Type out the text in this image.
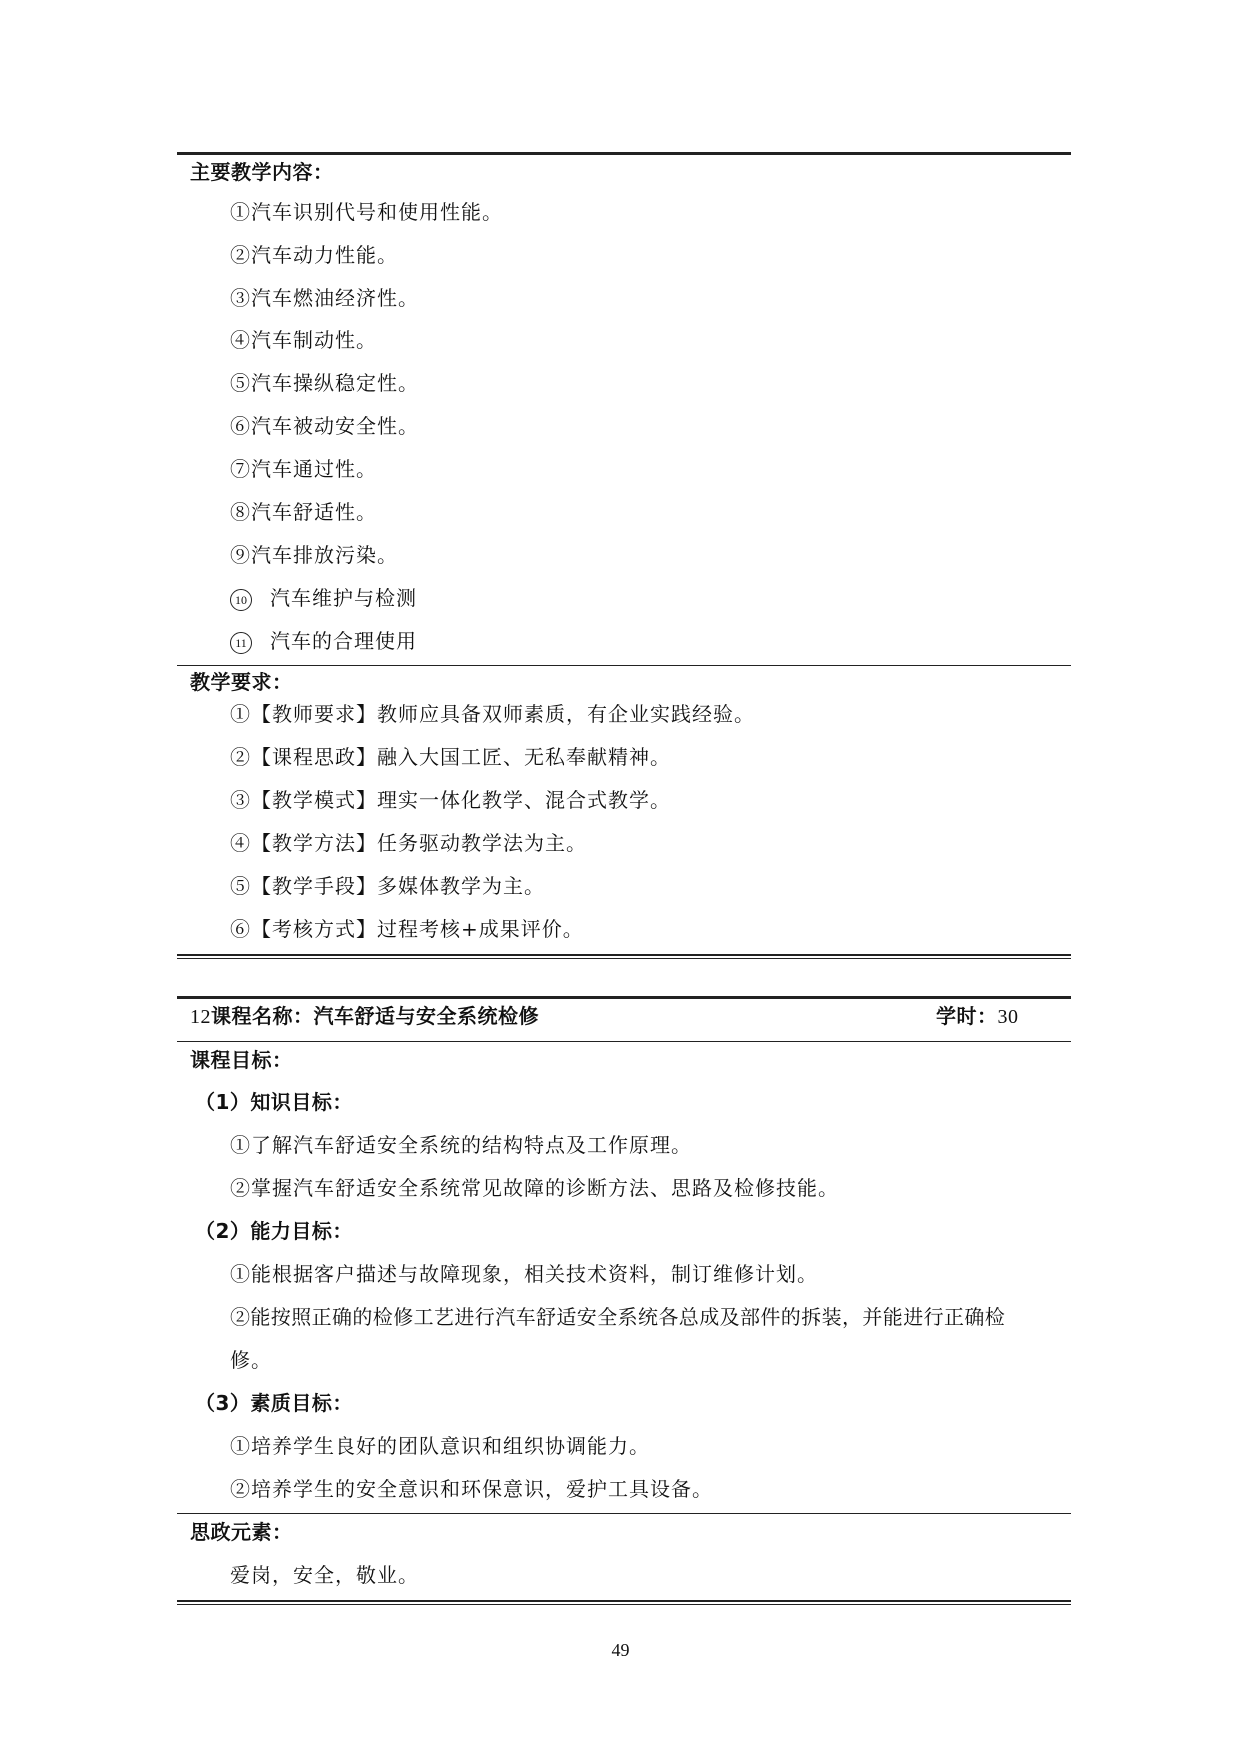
主要教学内容：
①汽车识别代号和使用性能。
②汽车动力性能。
③汽车燃油经济性。
④汽车制动性。
⑤汽车操纵稳定性。
⑥汽车被动安全性。
⑦汽车通过性。
⑧汽车舒适性。
⑨汽车排放污染。
10 汽车维护与检测
11 汽车的合理使用
教学要求：
①【教师要求】教师应具备双师素质，有企业实践经验。
②【课程思政】融入大国工匠、无私奉献精神。
③【教学模式】理实一体化教学、混合式教学。
④【教学方法】任务驱动教学法为主。
⑤【教学手段】多媒体教学为主。
⑥【考核方式】过程考核+成果评价。
12课程名称：汽车舒适与安全系统检修	学时：30
课程目标：
（1）知识目标：
①了解汽车舒适安全系统的结构特点及工作原理。
②掌握汽车舒适安全系统常见故障的诊断方法、思路及检修技能。
（2）能力目标：
①能根据客户描述与故障现象，相关技术资料，制订维修计划。
②能按照正确的检修工艺进行汽车舒适安全系统各总成及部件的拆装，并能进行正确检
修。
（3）素质目标：
①培养学生良好的团队意识和组织协调能力。
②培养学生的安全意识和环保意识，爱护工具设备。
思政元素：
爱岗，安全，敬业。
49
